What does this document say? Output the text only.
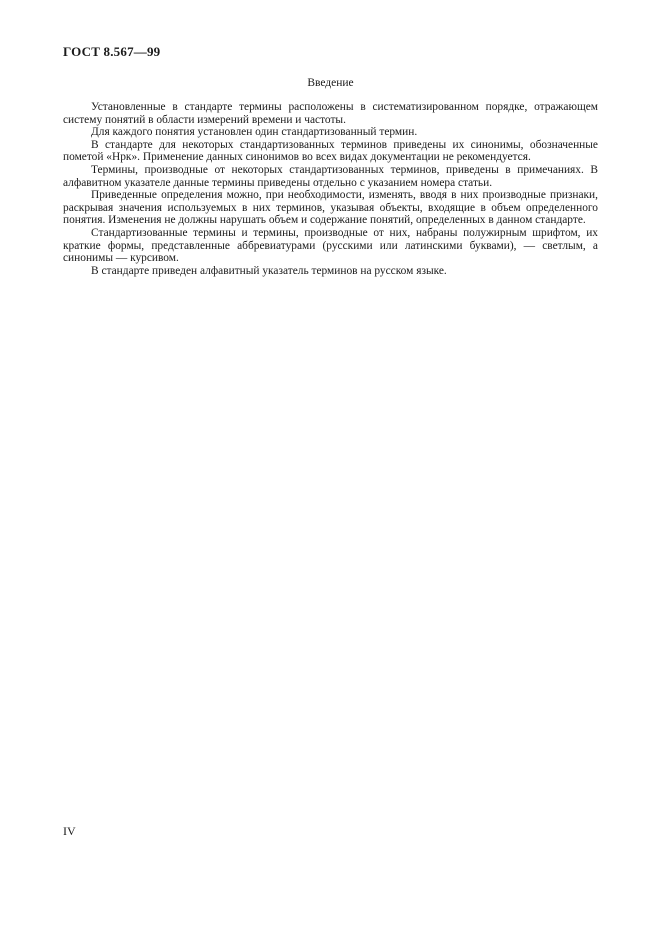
ГОСТ 8.567—99
Введение

Установленные в стандарте термины расположены в систематизированном порядке, отражающем систему понятий в области измерений времени и частоты.

Для каждого понятия установлен один стандартизованный термин.

В стандарте для некоторых стандартизованных терминов приведены их синонимы, обозначенные пометой «Нрк». Применение данных синонимов во всех видах документации не рекомендуется.

Термины, производные от некоторых стандартизованных терминов, приведены в примечаниях. В алфавитном указателе данные термины приведены отдельно с указанием номера статьи.

Приведенные определения можно, при необходимости, изменять, вводя в них производные признаки, раскрывая значения используемых в них терминов, указывая объекты, входящие в объем определенного понятия. Изменения не должны нарушать объем и содержание понятий, определенных в данном стандарте.

Стандартизованные термины и термины, производные от них, набраны полужирным шрифтом, их краткие формы, представленные аббревиатурами (русскими или латинскими буквами), — светлым, а синонимы — курсивом.

В стандарте приведен алфавитный указатель терминов на русском языке.

IV
